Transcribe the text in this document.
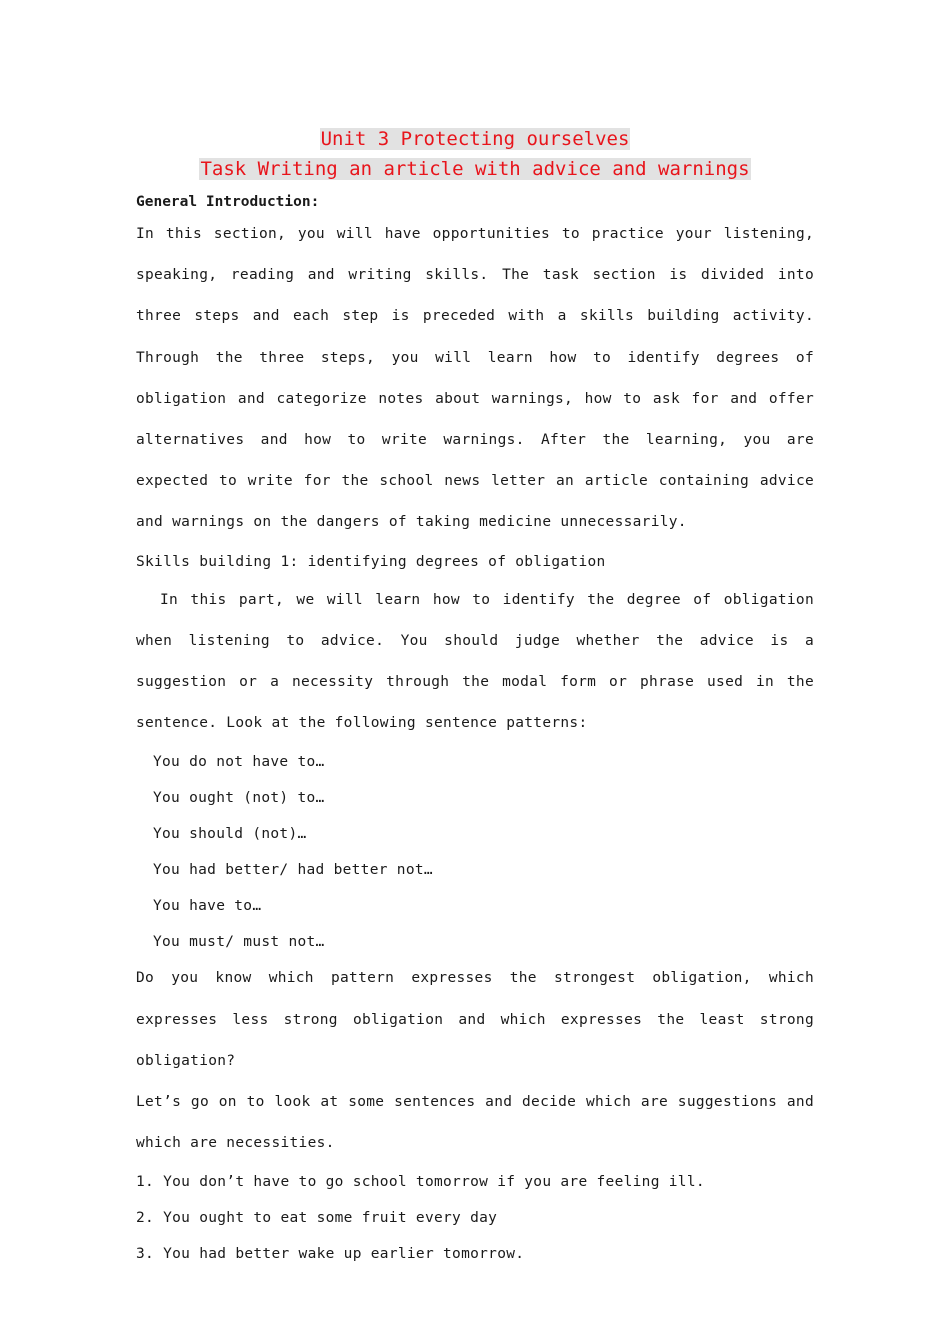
Unit 3 Protecting ourselves
Task Writing an article with advice and warnings
General Introduction:

In this section, you will have opportunities to practice your listening, speaking, reading and writing skills. The task section is divided into three steps and each step is preceded with a skills building activity. Through the three steps, you will learn how to identify degrees of obligation and categorize notes about warnings, how to ask for and offer alternatives and how to write warnings. After the learning, you are expected to write for the school news letter an article containing advice and warnings on the dangers of taking medicine unnecessarily.

Skills building 1: identifying degrees of obligation

In this part, we will learn how to identify the degree of obligation when listening to advice. You should judge whether the advice is a suggestion or a necessity through the modal form or phrase used in the sentence. Look at the following sentence patterns:

You do not have to…

You ought (not) to…

You should (not)…

You had better/ had better not…

You have to…

You must/ must not…

Do you know which pattern expresses the strongest obligation, which expresses less strong obligation and which expresses the least strong obligation?

Let’s go on to look at some sentences and decide which are suggestions and which are necessities.

1. You don’t have to go school tomorrow if you are feeling ill.

2. You ought to eat some fruit every day

3. You had better wake up earlier tomorrow.
